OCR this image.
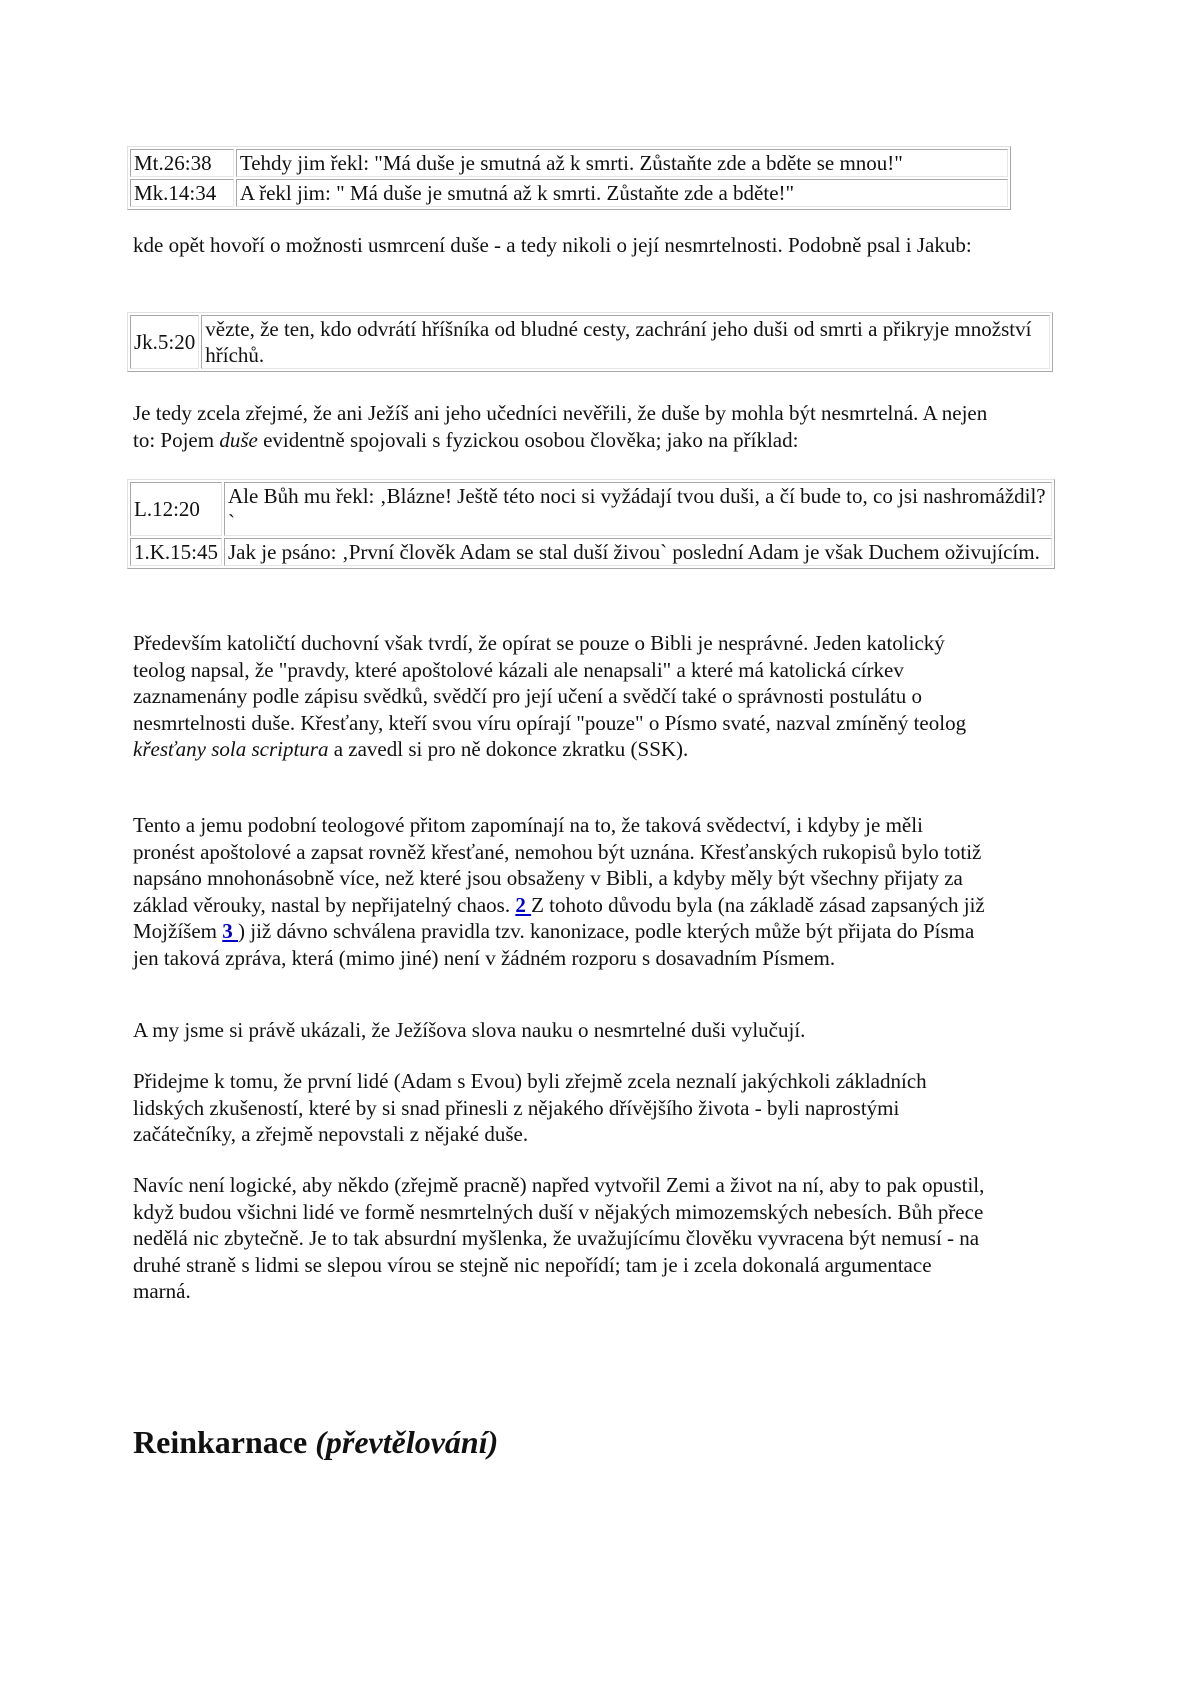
Mt.26:38	Tehdy jim řekl: "Má duše je smutná až k smrti. Zůstaňte zde a bděte se mnou!"
Mk.14:34	A řekl jim: " Má duše je smutná až k smrti. Zůstaňte zde a bděte!"

kde opět hovoří o možnosti usmrcení duše - a tedy nikoli o její nesmrtelnosti. Podobně psal i Jakub:

Jk.5:20	vězte, že ten, kdo odvrátí hříšníka od bludné cesty, zachrání jeho duši od smrti a přikryje množství hříchů.

Je tedy zcela zřejmé, že ani Ježíš ani jeho učedníci nevěřili, že duše by mohla být nesmrtelná. A nejen to: Pojem duše evidentně spojovali s fyzickou osobou člověka; jako na příklad:

L.12:20	Ale Bůh mu řekl: ‚Blázne! Ještě této noci si vyžádají tvou duši, a čí bude to, co jsi nashromáždil?`
1.K.15:45	Jak je psáno: ‚První člověk Adam se stal duší živou` poslední Adam je však Duchem oživujícím.

Především katoličtí duchovní však tvrdí, že opírat se pouze o Bibli je nesprávné. Jeden katolický teolog napsal, že "pravdy, které apoštolové kázali ale nenapsali" a které má katolická církev zaznamenány podle zápisu svědků, svědčí pro její učení a svědčí také o správnosti postulátu o nesmrtelnosti duše. Křesťany, kteří svou víru opírají "pouze" o Písmo svaté, nazval zmíněný teolog křesťany sola scriptura a zavedl si pro ně dokonce zkratku (SSK).

Tento a jemu podobní teologové přitom zapomínají na to, že taková svědectví, i kdyby je měli pronést apoštolové a zapsat rovněž křesťané, nemohou být uznána. Křesťanských rukopisů bylo totiž napsáno mnohonásobně více, než které jsou obsaženy v Bibli, a kdyby měly být všechny přijaty za základ věrouky, nastal by nepřijatelný chaos. 2 Z tohoto důvodu byla (na základě zásad zapsaných již Mojžíšem 3 ) již dávno schválena pravidla tzv. kanonizace, podle kterých může být přijata do Písma jen taková zpráva, která (mimo jiné) není v žádném rozporu s dosavadním Písmem.

A my jsme si právě ukázali, že Ježíšova slova nauku o nesmrtelné duši vylučují.

Přidejme k tomu, že první lidé (Adam s Evou) byli zřejmě zcela neznalí jakýchkoli základních lidských zkušeností, které by si snad přinesli z nějakého dřívějšího života - byli naprostými začátečníky, a zřejmě nepovstali z nějaké duše.

Navíc není logické, aby někdo (zřejmě pracně) napřed vytvořil Zemi a život na ní, aby to pak opustil, když budou všichni lidé ve formě nesmrtelných duší v nějakých mimozemských nebesích. Bůh přece nedělá nic zbytečně. Je to tak absurdní myšlenka, že uvažujícímu člověku vyvracena být nemusí - na druhé straně s lidmi se slepou vírou se stejně nic nepořídí; tam je i zcela dokonalá argumentace marná.

Reinkarnace (převtělování)
